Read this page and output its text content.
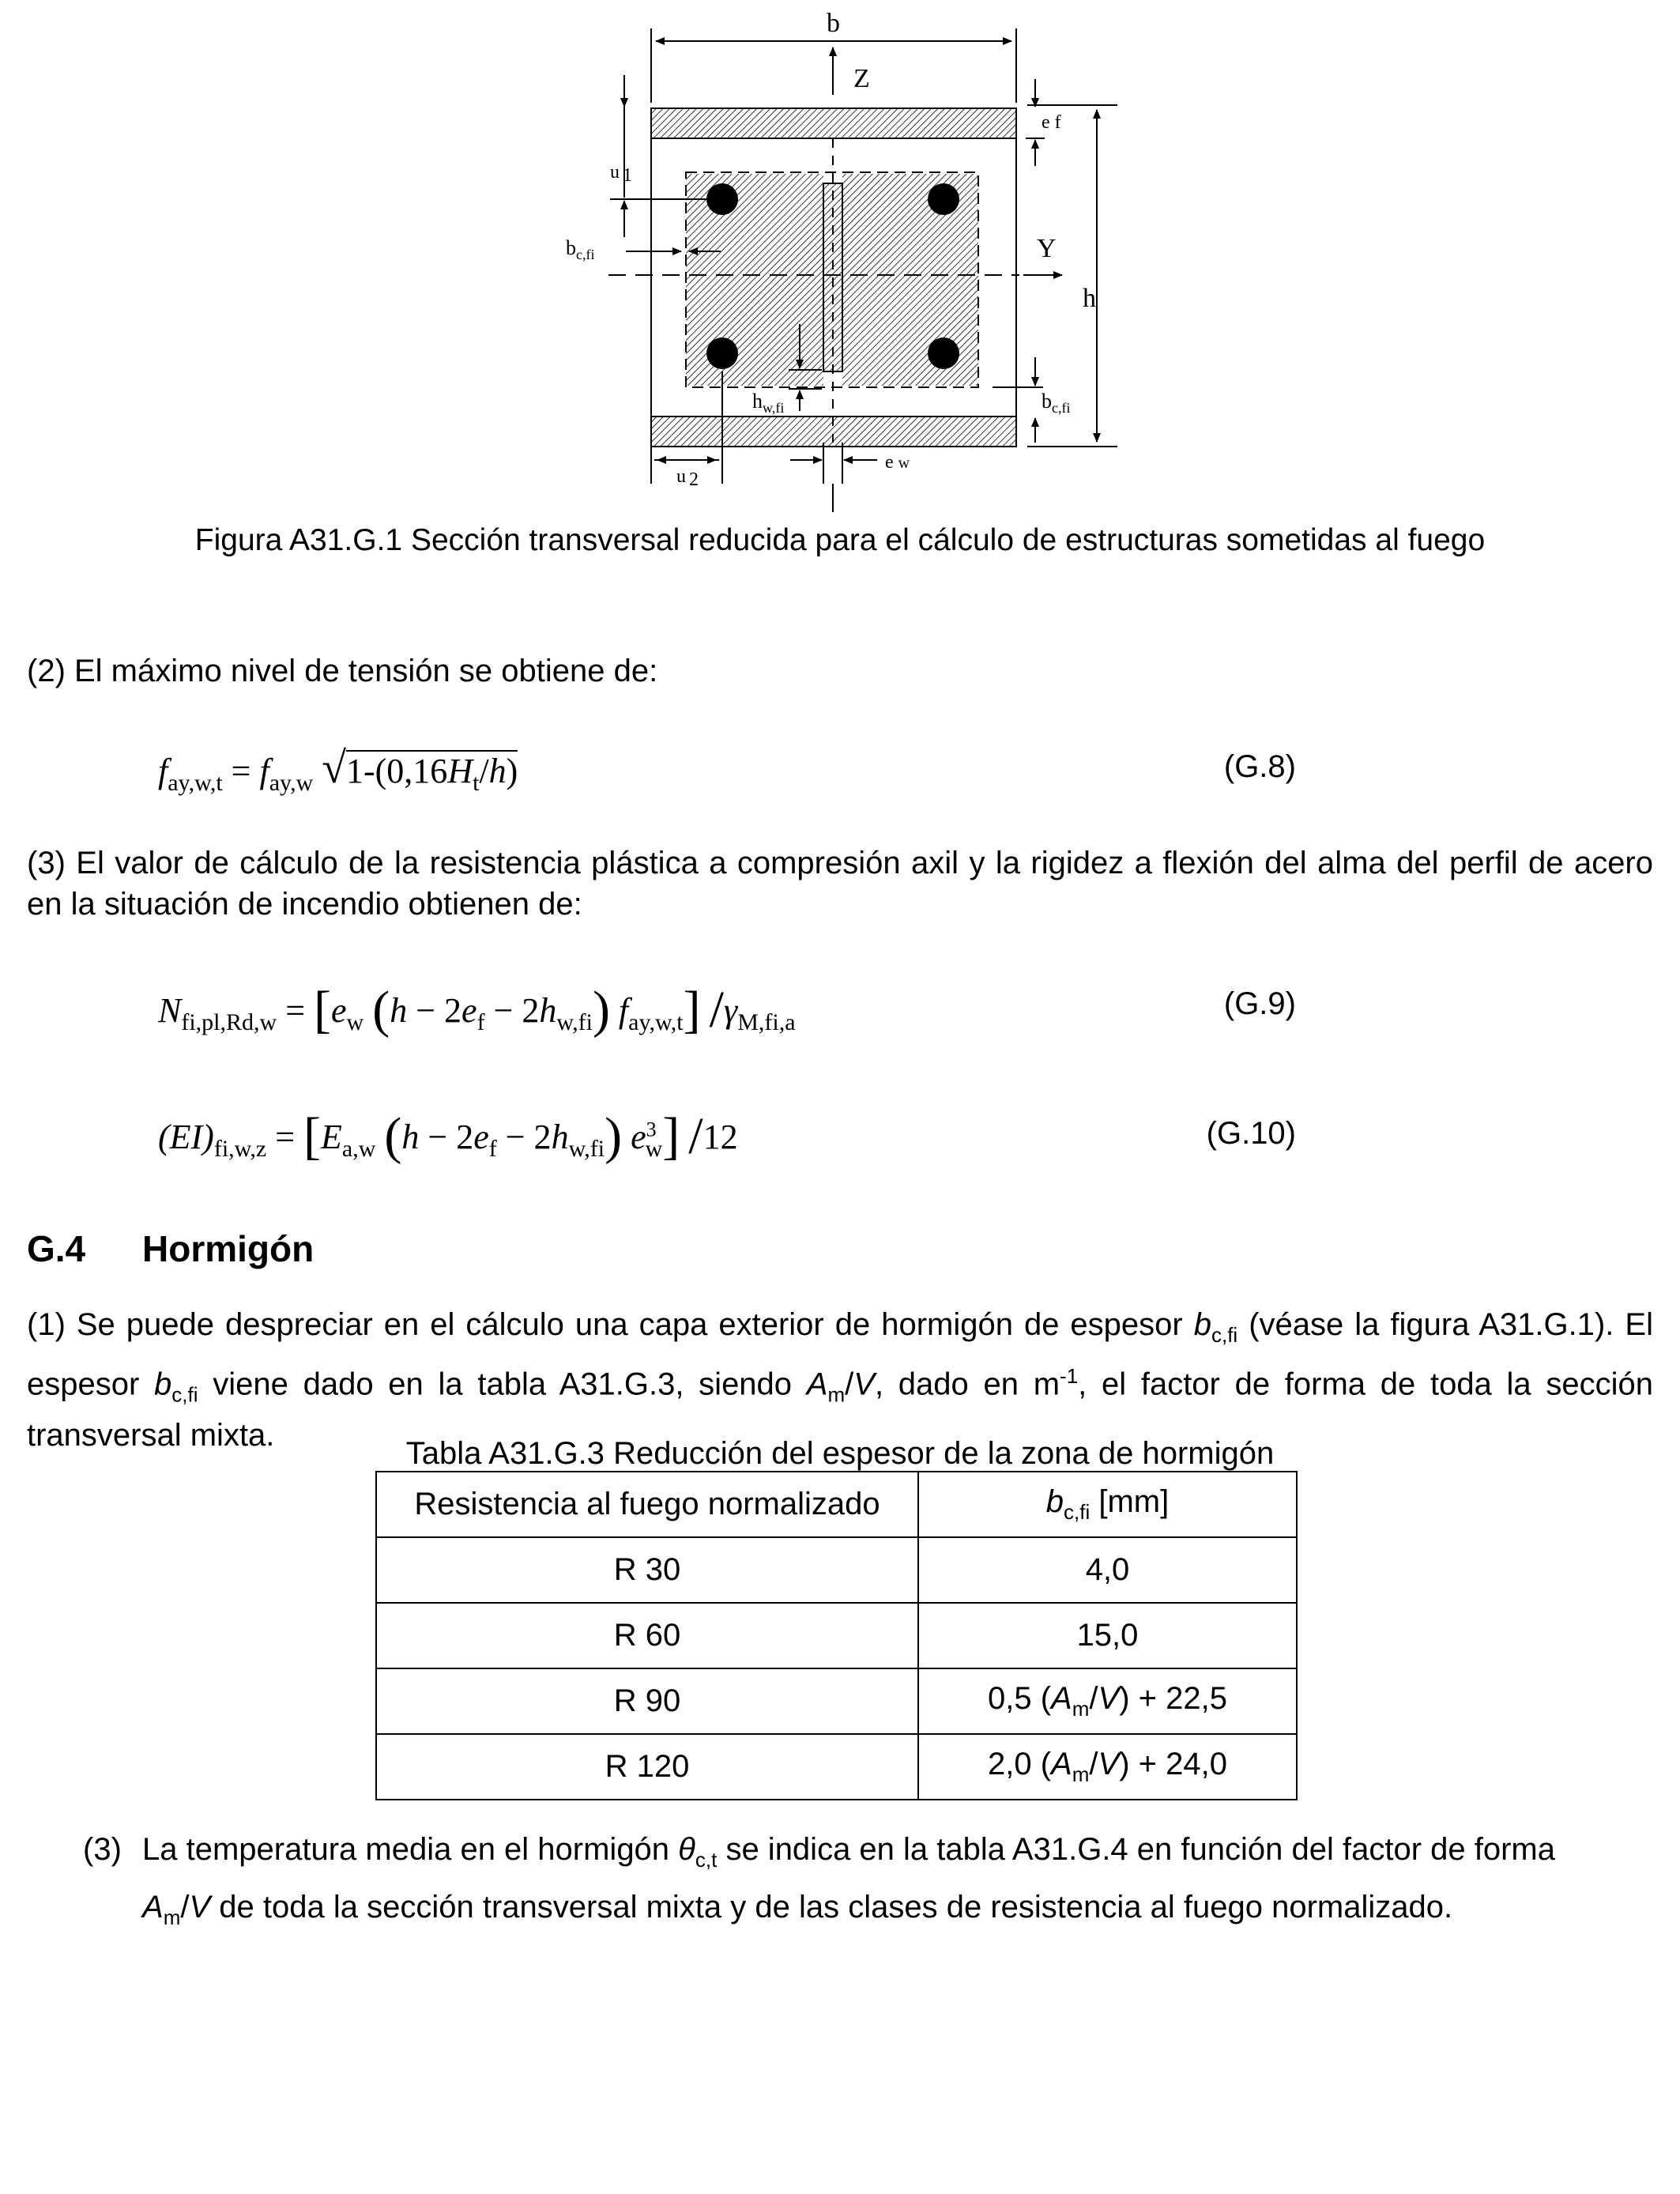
b
Z
Y
h
e f
u 1
$b_{c,fi}$
$b_{c,fi}$
$h_{w,fi}$
u 2
e w
Figura A31.G.1 Sección transversal reducida para el cálculo de estructuras sometidas al fuego
(2) El máximo nivel de tensión se obtiene de:
$f_{ay,w,t} = f_{ay,w}$ $√1-(0,16H_t/h)$	(G.8)
(3) El valor de cálculo de la resistencia plástica a compresión axil y la rigidez a flexión del alma del perfil de acero en la situación de incendio obtienen de:
$N_{fi,pl,Rd,w} = [e_w$ $(h - 2e_f - 2h_{w,fi})$ $f_{ay,w,t}$] $/\gamma_{M,fi,a}$
(G.9)
$(EI)_{fi,w,z} = [E_{a,w}$ $(h - 2e_f - 2h_{w,fi})$ $e^3_w$] /12	(G.10)
G.4 Hormigón
(1) Se puede despreciar en el cálculo una capa exterior de hormigón de espesor $b_{c,fi}$ (véase la figura A31.G.1). El espesor $b_{c,fi}$ viene dado en la tabla A31.G.3, siendo $A_m/V$, dado en $m^{-1}$, el factor de forma de toda la sección transversal mixta.
Tabla A31.G.3 Reducción del espesor de la zona de hormigón
Resistencia al fuego normalizado	$b_{c,fi}$ [mm]
R 30	4,0
R 60	15,0
R 90	0,5 $(A_m/V) + 22,5$
R 120	2,0 $(A_m/V) + 24,0$
(3) La temperatura media en el hormigón $\theta_{c,t}$ se indica en la tabla A31.G.4 en función del factor de forma $A_m/V$ de toda la sección transversal mixta y de las clases de resistencia al fuego normalizado.
